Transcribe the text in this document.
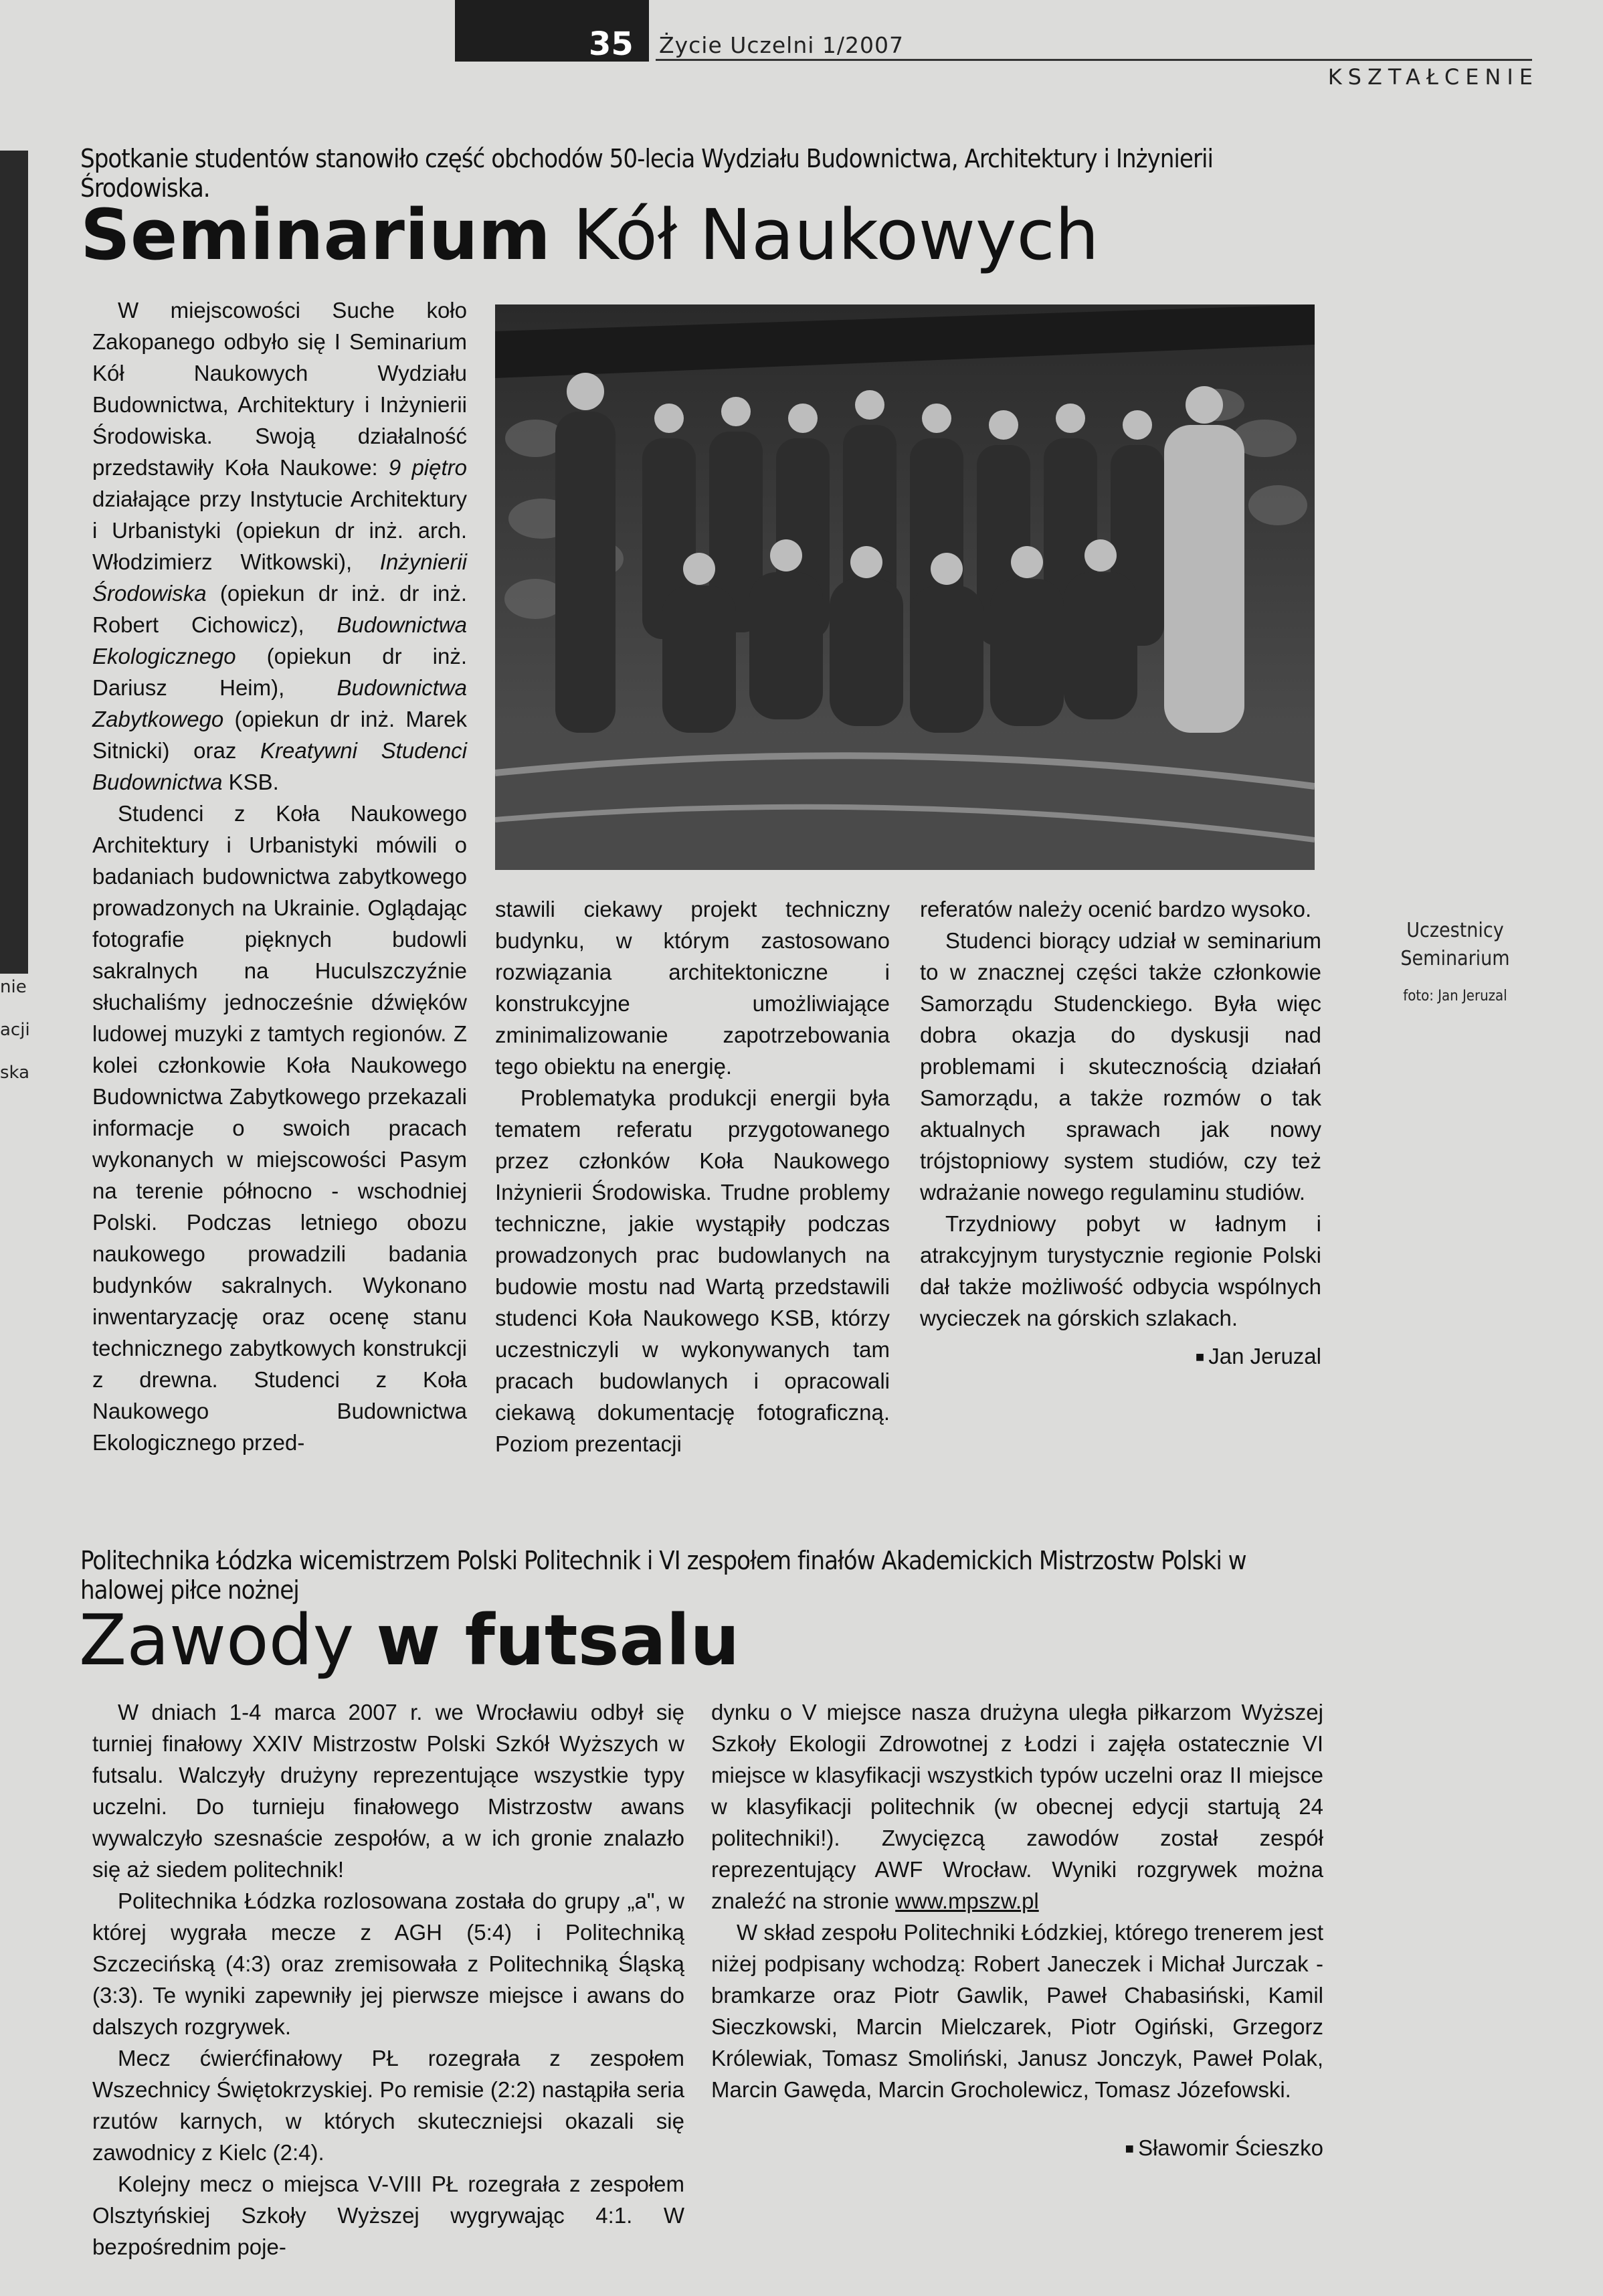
nie
acji
ska
35 Życie Uczelni 1/2007
KSZTAŁCENIE
Spotkanie studentów stanowiło część obchodów 50-lecia Wydziału Budownictwa, Architektury i Inżynierii Środowiska.
Seminarium Kół Naukowych

W miejscowości Suche koło Zakopanego odbyło się I Seminarium Kół Naukowych Wydziału Budownictwa, Architektury i Inżynierii Środowiska. Swoją działalność przedstawiły Koła Naukowe: 9 piętro działające przy Instytucie Architektury i Urbanistyki (opiekun dr inż. arch. Włodzimierz Witkowski), Inżynierii Środowiska (opiekun dr inż. dr inż. Robert Cichowicz), Budownictwa Ekologicznego (opiekun dr inż. Dariusz Heim), Budownictwa Zabytkowego (opiekun dr inż. Marek Sitnicki) oraz Kreatywni Studenci Budownictwa KSB.

Studenci z Koła Naukowego Architektury i Urbanistyki mówili o badaniach budownictwa zabytkowego prowadzonych na Ukrainie. Oglądając fotografie pięknych budowli sakralnych na Huculszczyźnie słuchaliśmy jednocześnie dźwięków ludowej muzyki z tamtych regionów. Z kolei członkowie Koła Naukowego Budownictwa Zabytkowego przekazali informacje o swoich pracach wykonanych w miejscowości Pasym na terenie północno - wschodniej Polski. Podczas letniego obozu naukowego prowadzili badania budynków sakralnych. Wykonano inwentaryzację oraz ocenę stanu technicznego zabytkowych konstrukcji z drewna. Studenci z Koła Naukowego Budownictwa Ekologicznego przed-

stawili ciekawy projekt techniczny budynku, w którym zastosowano rozwiązania architektoniczne i konstrukcyjne umożliwiające zminimalizowanie zapotrzebowania tego obiektu na energię.

Problematyka produkcji energii była tematem referatu przygotowanego przez członków Koła Naukowego Inżynierii Środowiska. Trudne problemy techniczne, jakie wystąpiły podczas prowadzonych prac budowlanych na budowie mostu nad Wartą przedstawili studenci Koła Naukowego KSB, którzy uczestniczyli w wykonywanych tam pracach budowlanych i opracowali ciekawą dokumentację fotograficzną. Poziom prezentacji

referatów należy ocenić bardzo wysoko.

Studenci biorący udział w seminarium to w znacznej części także członkowie Samorządu Studenckiego. Była więc dobra okazja do dyskusji nad problemami i skutecznością działań Samorządu, a także rozmów o tak aktualnych sprawach jak nowy trójstopniowy system studiów, czy też wdrażanie nowego regulaminu studiów.

Trzydniowy pobyt w ładnym i atrakcyjnym turystycznie regionie Polski dał także możliwość odbycia wspólnych wycieczek na górskich szlakach.

■ Jan Jeruzal
Uczestnicy
Seminarium
foto: Jan Jeruzal
Politechnika Łódzka wicemistrzem Polski Politechnik i VI zespołem finałów Akademickich Mistrzostw Polski w halowej piłce nożnej
Zawody w futsalu

W dniach 1-4 marca 2007 r. we Wrocławiu odbył się turniej finałowy XXIV Mistrzostw Polski Szkół Wyższych w futsalu. Walczyły drużyny reprezentujące wszystkie typy uczelni. Do turnieju finałowego Mistrzostw awans wywalczyło szesnaście zespołów, a w ich gronie znalazło się aż siedem politechnik!

Politechnika Łódzka rozlosowana została do grupy „a", w której wygrała mecze z AGH (5:4) i Politechniką Szczecińską (4:3) oraz zremisowała z Politechniką Śląską (3:3). Te wyniki zapewniły jej pierwsze miejsce i awans do dalszych rozgrywek.

Mecz ćwierćfinałowy PŁ rozegrała z zespołem Wszechnicy Świętokrzyskiej. Po remisie (2:2) nastąpiła seria rzutów karnych, w których skuteczniejsi okazali się zawodnicy z Kielc (2:4).

Kolejny mecz o miejsca V-VIII PŁ rozegrała z zespołem Olsztyńskiej Szkoły Wyższej wygrywając 4:1. W bezpośrednim poje-

dynku o V miejsce nasza drużyna uległa piłkarzom Wyższej Szkoły Ekologii Zdrowotnej z Łodzi i zajęła ostatecznie VI miejsce w klasyfikacji wszystkich typów uczelni oraz II miejsce w klasyfikacji politechnik (w obecnej edycji startują 24 politechniki!). Zwycięzcą zawodów został zespół reprezentujący AWF Wrocław. Wyniki rozgrywek można znaleźć na stronie www.mpszw.pl

W skład zespołu Politechniki Łódzkiej, którego trenerem jest niżej podpisany wchodzą: Robert Janeczek i Michał Jurczak - bramkarze oraz Piotr Gawlik, Paweł Chabasiński, Kamil Sieczkowski, Marcin Mielczarek, Piotr Ogiński, Grzegorz Królewiak, Tomasz Smoliński, Janusz Jonczyk, Paweł Polak, Marcin Gawęda, Marcin Grocholewicz, Tomasz Józefowski.

■ Sławomir Ścieszko
